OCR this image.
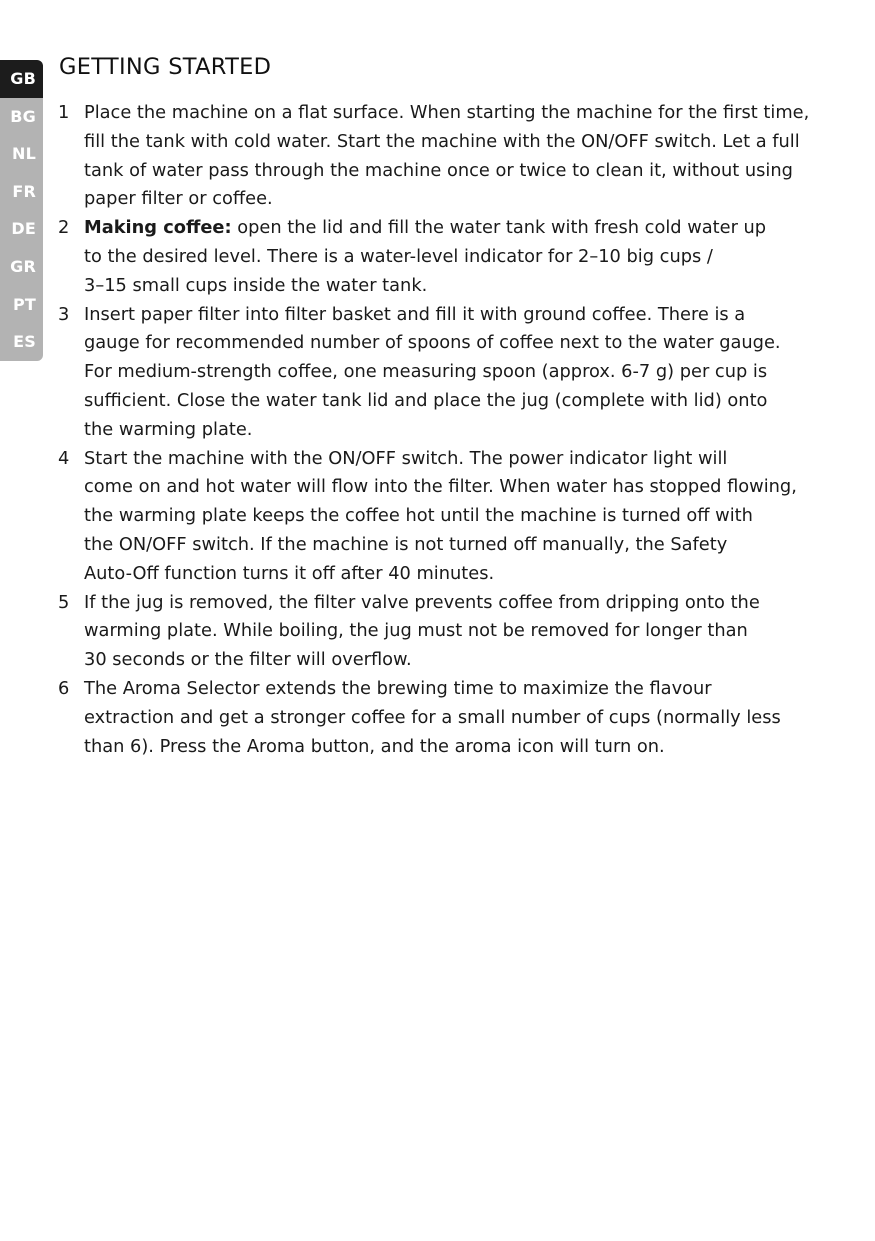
GB
BG
NL
FR
DE
GR
PT
ES
GETTING STARTED
1 Place the machine on a flat surface. When starting the machine for the first time,
fill the tank with cold water. Start the machine with the ON/OFF switch. Let a full
tank of water pass through the machine once or twice to clean it, without using
paper filter or coffee.
2 Making coffee: open the lid and fill the water tank with fresh cold water up
to the desired level. There is a water-level indicator for 2–10 big cups /
3–15 small cups inside the water tank.
3 Insert paper filter into filter basket and fill it with ground coffee. There is a
gauge for recommended number of spoons of coffee next to the water gauge.
For medium-strength coffee, one measuring spoon (approx. 6-7 g) per cup is
sufficient. Close the water tank lid and place the jug (complete with lid) onto
the warming plate.
4 Start the machine with the ON/OFF switch. The power indicator light will
come on and hot water will flow into the filter. When water has stopped flowing,
the warming plate keeps the coffee hot until the machine is turned off with
the ON/OFF switch. If the machine is not turned off manually, the Safety
Auto-Off function turns it off after 40 minutes.
5 If the jug is removed, the filter valve prevents coffee from dripping onto the
warming plate. While boiling, the jug must not be removed for longer than
30 seconds or the filter will overflow.
6 The Aroma Selector extends the brewing time to maximize the flavour
extraction and get a stronger coffee for a small number of cups (normally less
than 6). Press the Aroma button, and the aroma icon will turn on.
